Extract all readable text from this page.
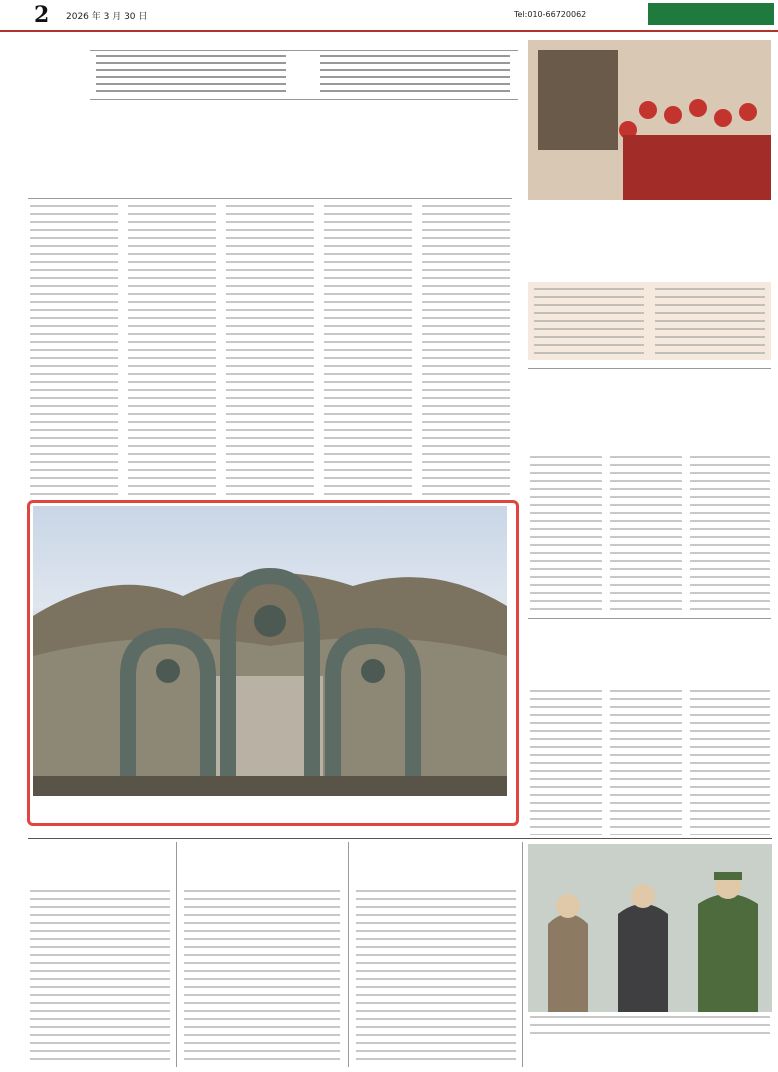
2 2026 年 3 月 30 日	Tel:010-66720062
